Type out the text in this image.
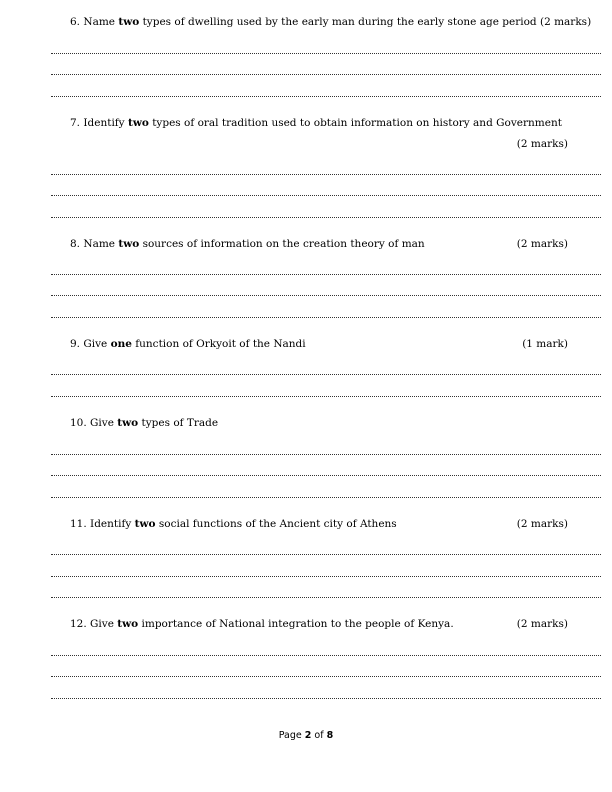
6. Name two types of dwelling used by the early man during the early stone age period (2 marks)
7. Identify two types of oral tradition used to obtain information on history and Government
(2 marks)
8. Name two sources of information on the creation theory of man	(2 marks)
9. Give one function of Orkyoit of the Nandi	(1 mark)
10. Give two types of Trade
11. Identify two social functions of the Ancient city of Athens	(2 marks)
12. Give two importance of National integration to the people of Kenya.	(2 marks)
Page 2 of 8
